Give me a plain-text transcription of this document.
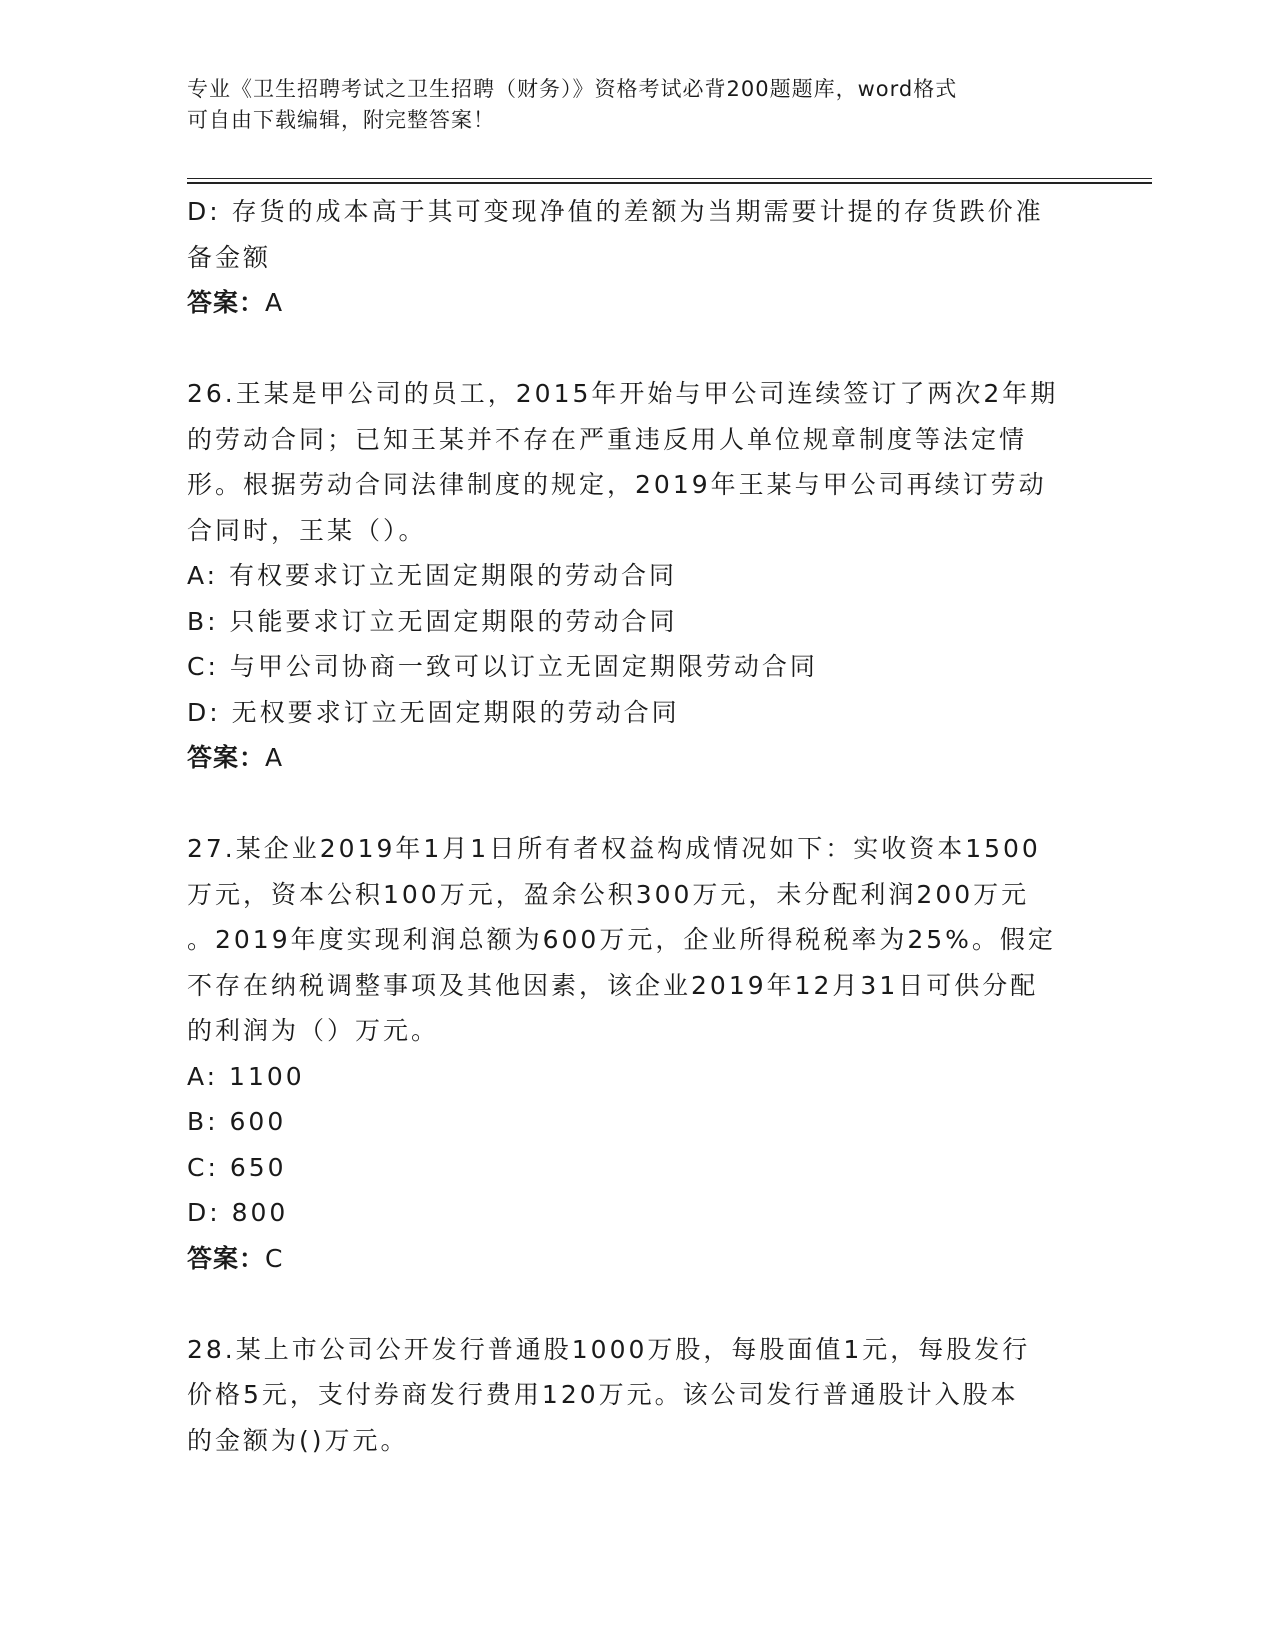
专业《卫生招聘考试之卫生招聘（财务）》资格考试必背200题题库，word格式
可自由下载编辑，附完整答案！
D: 存货的成本高于其可变现净值的差额为当期需要计提的存货跌价准
备金额
答案：A
26.王某是甲公司的员工，2015年开始与甲公司连续签订了两次2年期
的劳动合同；已知王某并不存在严重违反用人单位规章制度等法定情
形。根据劳动合同法律制度的规定，2019年王某与甲公司再续订劳动
合同时，王某（）。
A: 有权要求订立无固定期限的劳动合同
B: 只能要求订立无固定期限的劳动合同
C: 与甲公司协商一致可以订立无固定期限劳动合同
D: 无权要求订立无固定期限的劳动合同
答案：A
27.某企业2019年1月1日所有者权益构成情况如下：实收资本1500
万元，资本公积100万元，盈余公积300万元，未分配利润200万元
。2019年度实现利润总额为600万元，企业所得税税率为25%。假定
不存在纳税调整事项及其他因素，该企业2019年12月31日可供分配
的利润为（）万元。
A: 1100
B: 600
C: 650
D: 800
答案：C
28.某上市公司公开发行普通股1000万股，每股面值1元，每股发行
价格5元，支付券商发行费用120万元。该公司发行普通股计入股本
的金额为()万元。
